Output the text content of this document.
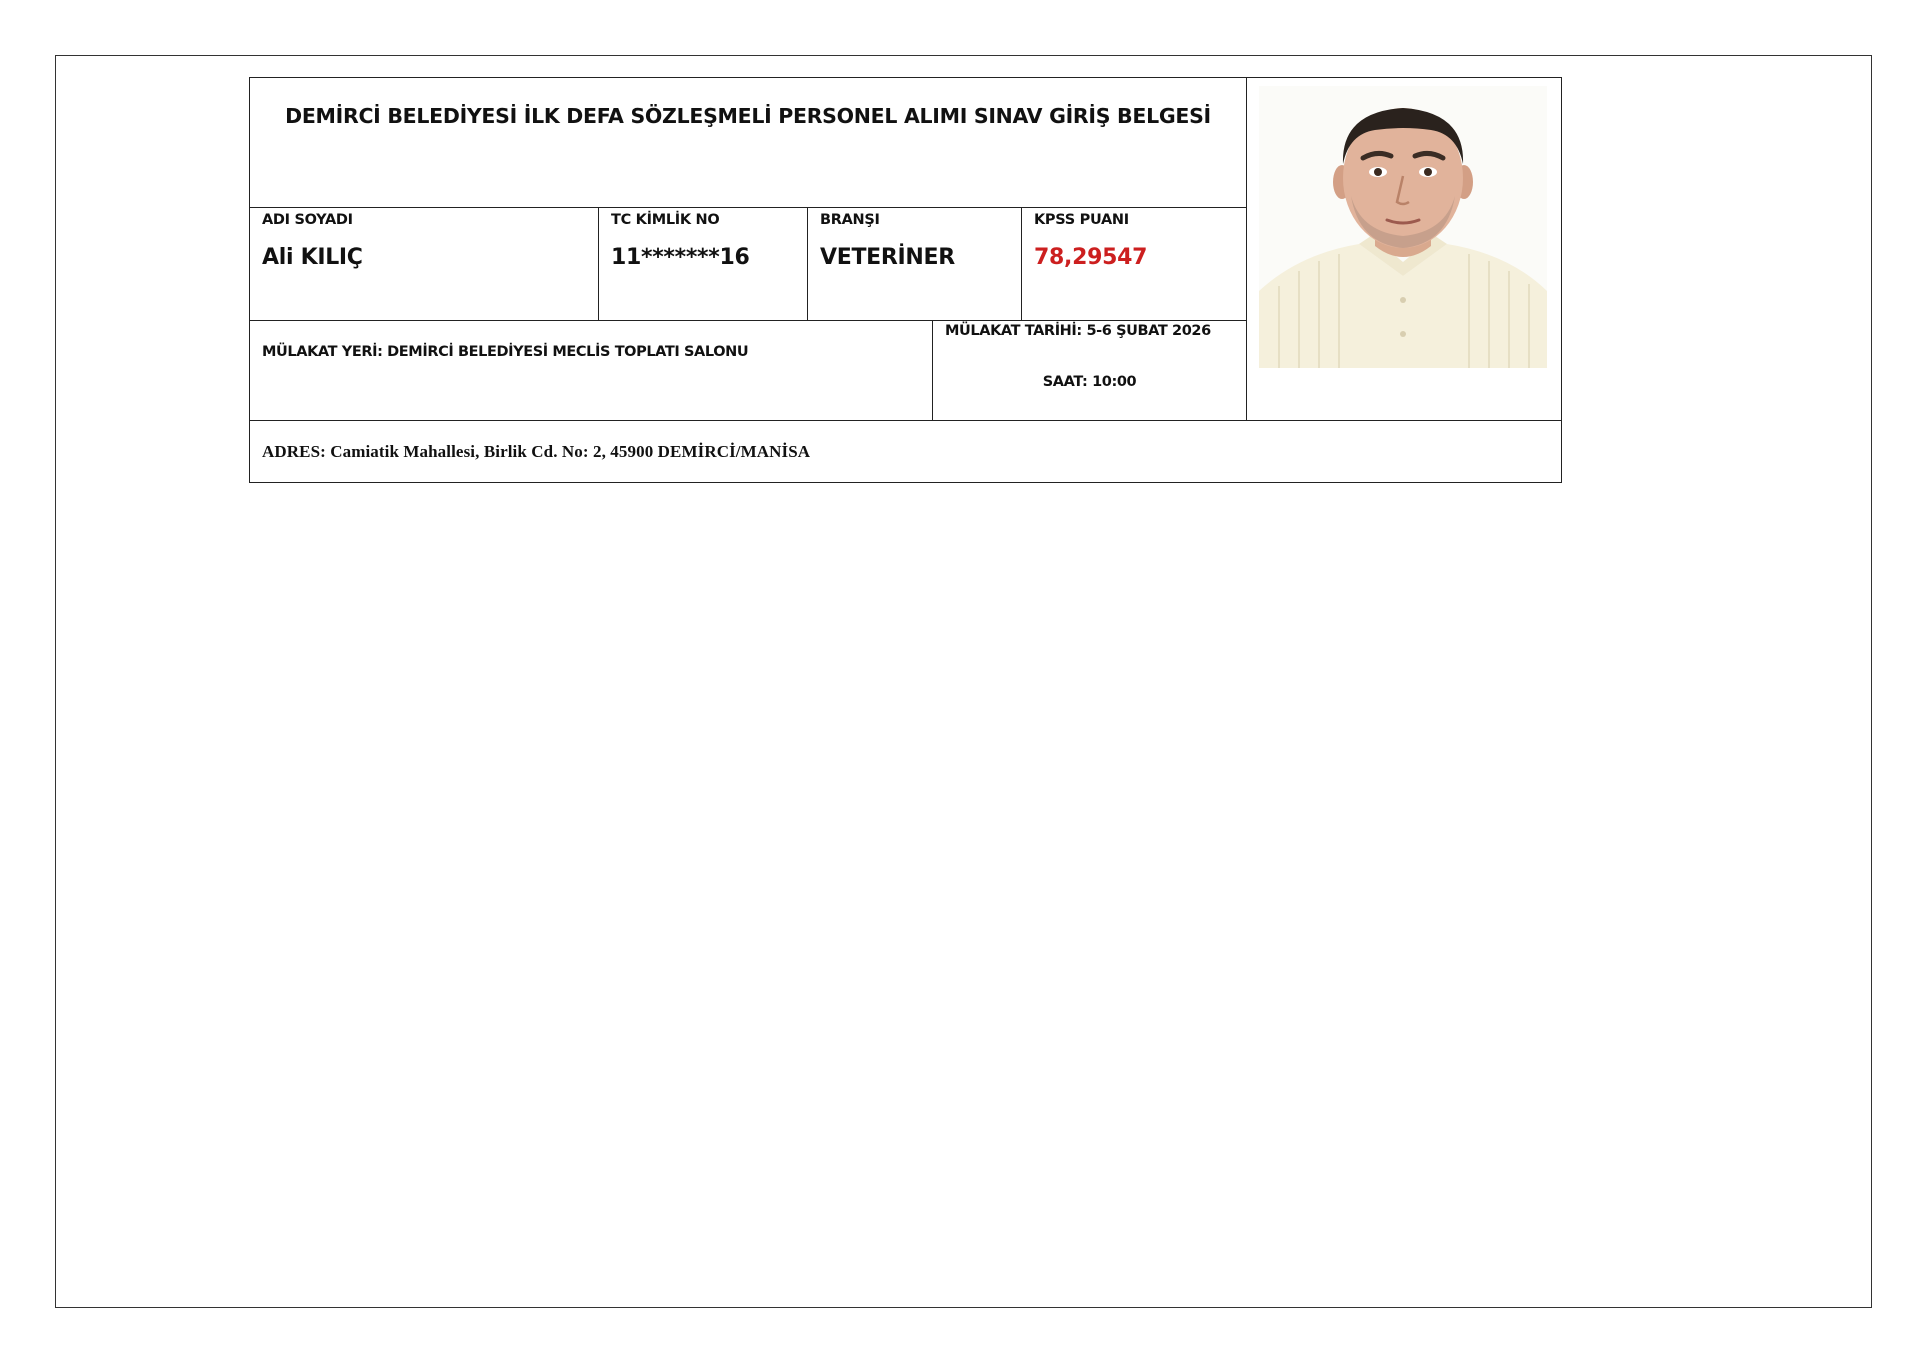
DEMİRCİ BELEDİYESİ İLK DEFA SÖZLEŞMELİ PERSONEL ALIMI SINAV GİRİŞ BELGESİ
ADI SOYADI
Ali KILIÇ
TC KİMLİK NO
11*******16
BRANŞI
VETERİNER
KPSS PUANI
78,29547
MÜLAKAT YERİ: DEMİRCİ BELEDİYESİ MECLİS TOPLATI SALONU
MÜLAKAT TARİHİ: 5-6 ŞUBAT 2026
SAAT: 10:00
ADRES: Camiatik Mahallesi, Birlik Cd. No: 2, 45900 DEMİRCİ/MANİSA
